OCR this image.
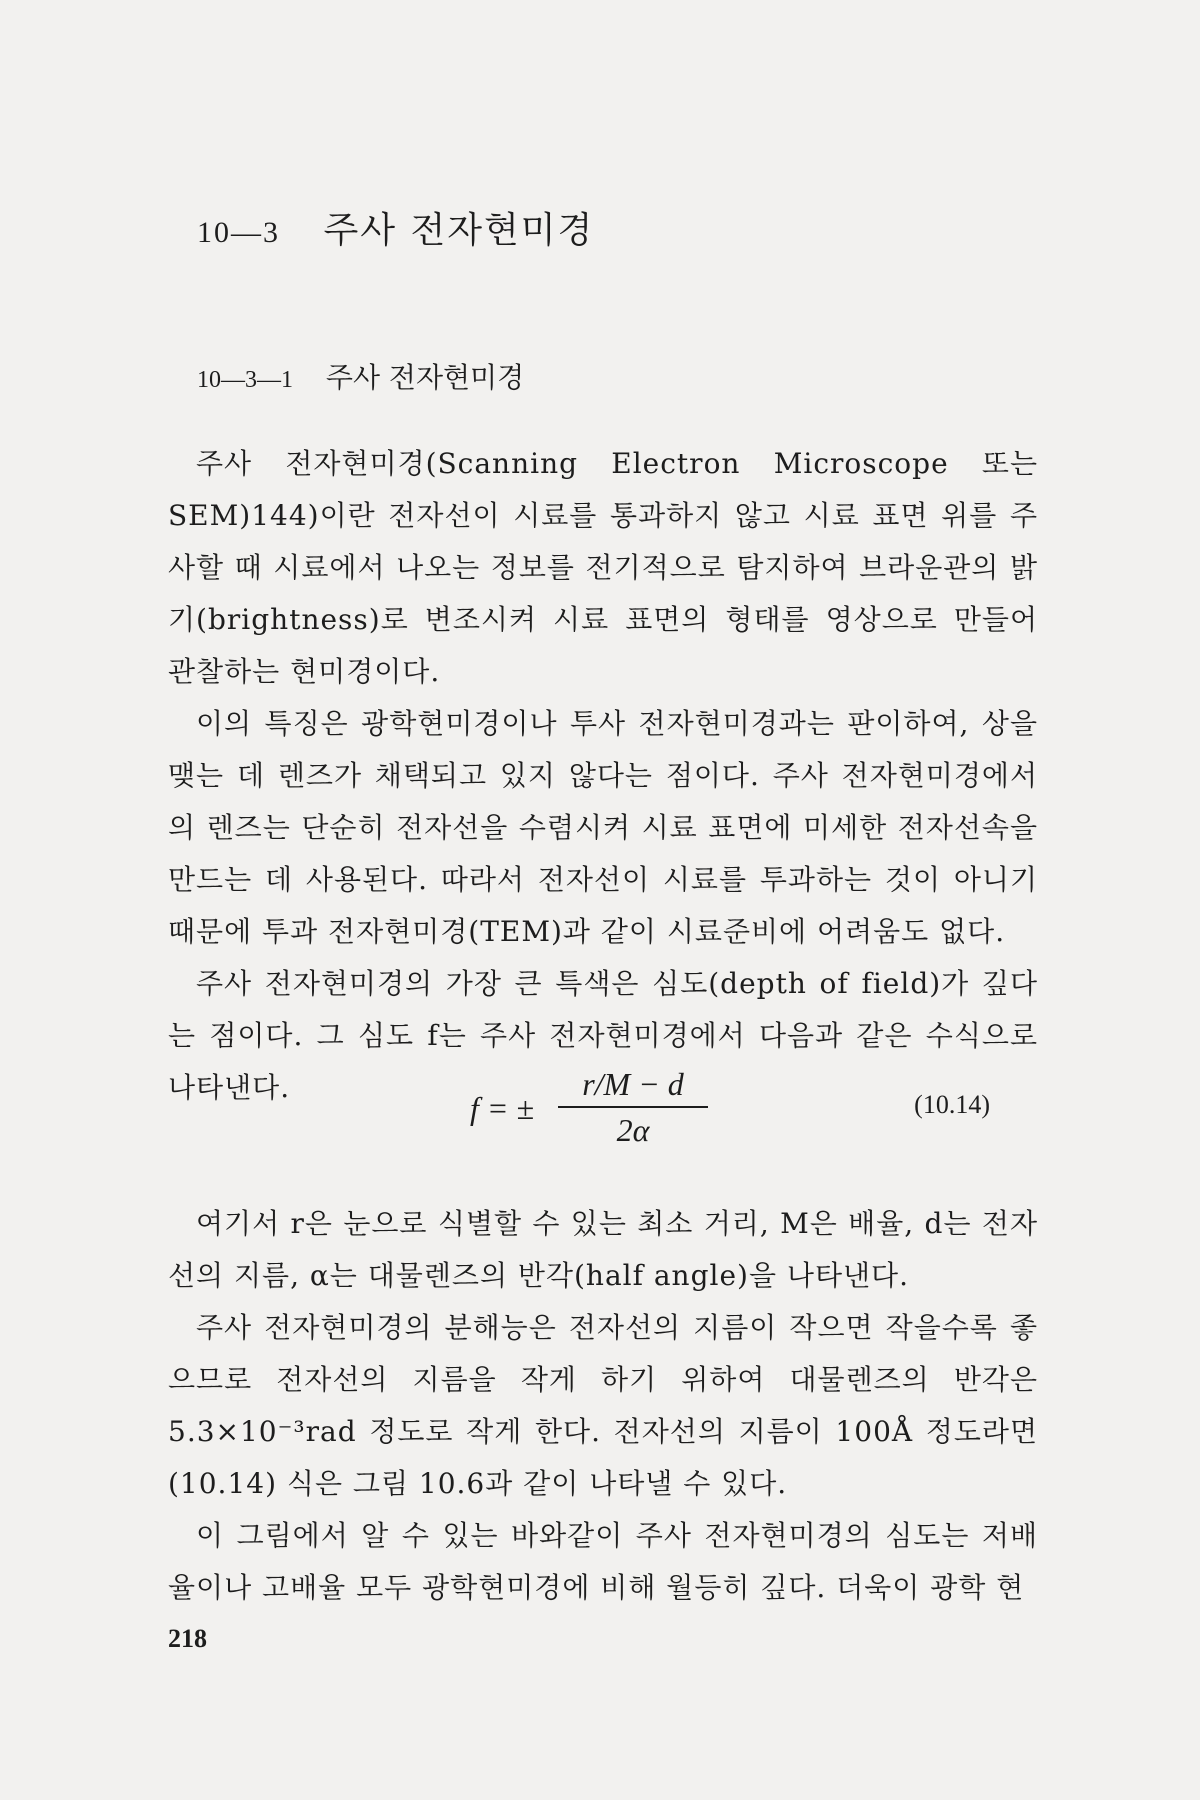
10—3 주사 전자현미경
10—3—1 주사 전자현미경

주사 전자현미경(Scanning Electron Microscope 또는 SEM)144)이란 전자선이 시료를 통과하지 않고 시료 표면 위를 주사할 때 시료에서 나오는 정보를 전기적으로 탐지하여 브라운관의 밝기(brightness)로 변조시켜 시료 표면의 형태를 영상으로 만들어 관찰하는 현미경이다.

이의 특징은 광학현미경이나 투사 전자현미경과는 판이하여, 상을 맺는 데 렌즈가 채택되고 있지 않다는 점이다. 주사 전자현미경에서의 렌즈는 단순히 전자선을 수렴시켜 시료 표면에 미세한 전자선속을 만드는 데 사용된다. 따라서 전자선이 시료를 투과하는 것이 아니기 때문에 투과 전자현미경(TEM)과 같이 시료준비에 어려움도 없다.

주사 전자현미경의 가장 큰 특색은 심도(depth of field)가 깊다는 점이다. 그 심도 f는 주사 전자현미경에서 다음과 같은 수식으로 나타낸다.

f = ±
r/M − d
2α
(10.14)

여기서 r은 눈으로 식별할 수 있는 최소 거리, M은 배율, d는 전자선의 지름, α는 대물렌즈의 반각(half angle)을 나타낸다.

주사 전자현미경의 분해능은 전자선의 지름이 작으면 작을수록 좋으므로 전자선의 지름을 작게 하기 위하여 대물렌즈의 반각은 5.3×10⁻³rad 정도로 작게 한다. 전자선의 지름이 100Å 정도라면 (10.14) 식은 그림 10.6과 같이 나타낼 수 있다.

이 그림에서 알 수 있는 바와같이 주사 전자현미경의 심도는 저배율이나 고배율 모두 광학현미경에 비해 월등히 깊다. 더욱이 광학 현

218
